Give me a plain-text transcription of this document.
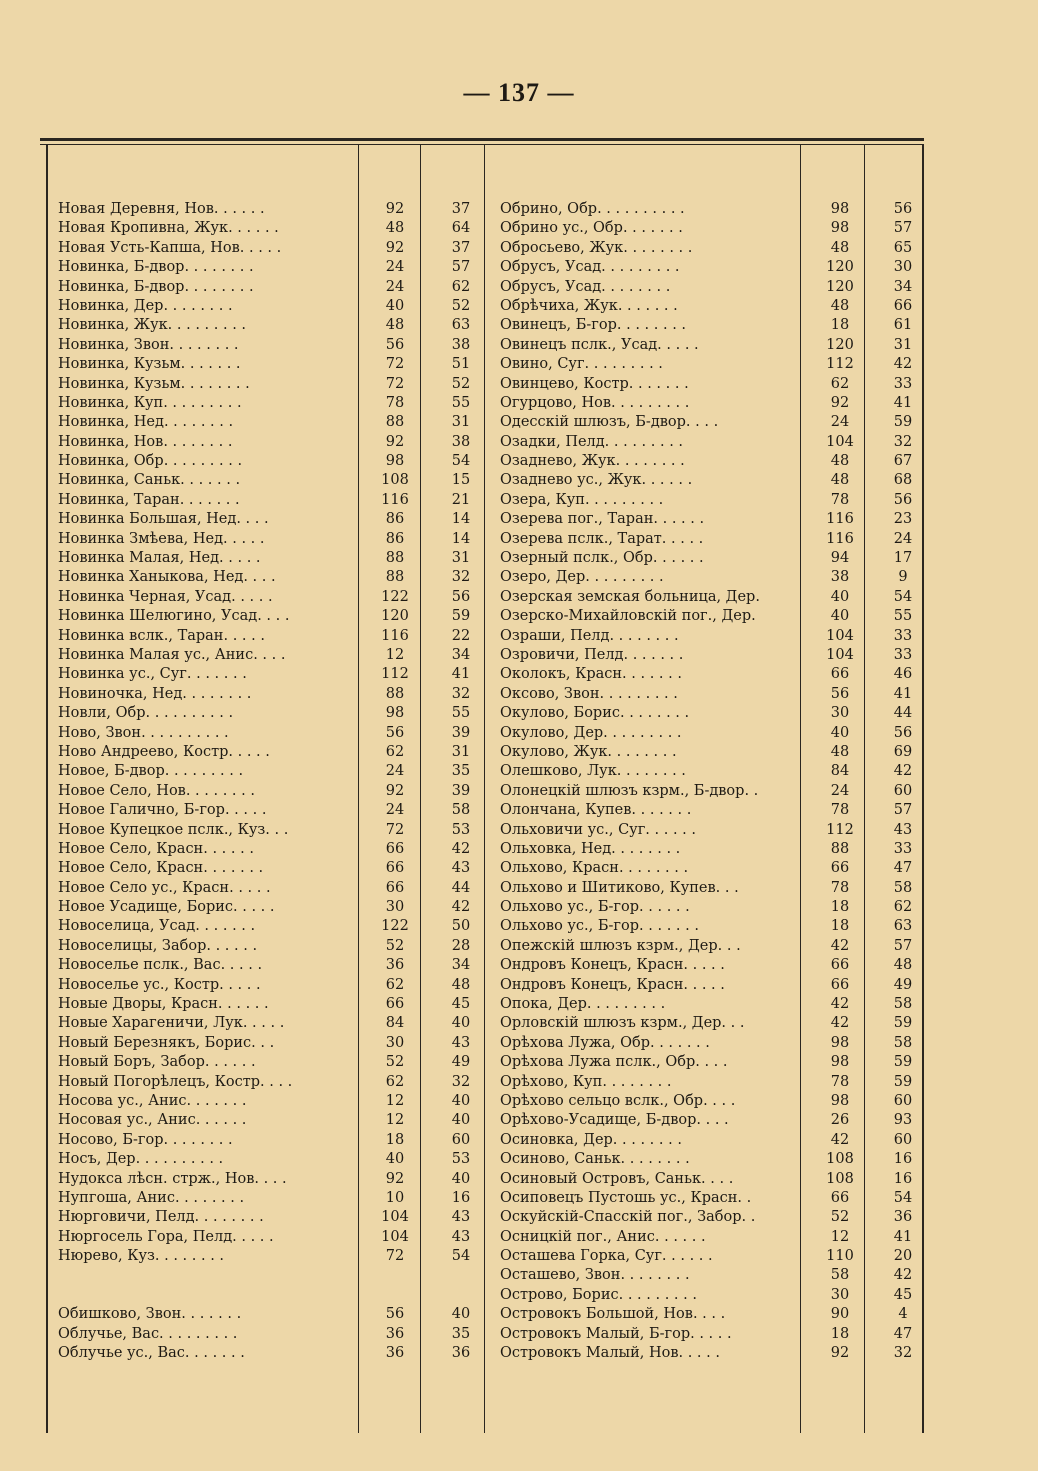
— 137 —
Новая Деревня, Нов. . . . . .	92	37
Новая Кропивна, Жук. . . . . .	48	64
Новая Усть-Капша, Нов. . . . .	92	37
Новинка, Б-двор. . . . . . . .	24	57
Новинка, Б-двор. . . . . . . .	24	62
Новинка, Дер. . . . . . . .	40	52
Новинка, Жук. . . . . . . . .	48	63
Новинка, Звон. . . . . . . .	56	38
Новинка, Кузьм. . . . . . .	72	51
Новинка, Кузьм. . . . . . . .	72	52
Новинка, Куп. . . . . . . . .	78	55
Новинка, Нед. . . . . . . .	88	31
Новинка, Нов. . . . . . . .	92	38
Новинка, Обр. . . . . . . . .	98	54
Новинка, Саньк. . . . . . .	108	15
Новинка, Таран. . . . . . .	116	21
Новинка Большая, Нед. . . .	86	14
Новинка Змѣева, Нед. . . . .	86	14
Новинка Малая, Нед. . . . .	88	31
Новинка Ханыкова, Нед. . . .	88	32
Новинка Черная, Усад. . . . .	122	56
Новинка Шелюгино, Усад. . . .	120	59
Новинка вслк., Таран. . . . .	116	22
Новинка Малая ус., Анис. . . .	12	34
Новинка ус., Суг. . . . . . .	112	41
Новиночка, Нед. . . . . . . .	88	32
Новли, Обр. . . . . . . . . .	98	55
Ново, Звон. . . . . . . . . .	56	39
Ново Андреево, Костр. . . . .	62	31
Новое, Б-двор. . . . . . . . .	24	35
Новое Село, Нов. . . . . . . .	92	39
Новое Галично, Б-гор. . . . .	24	58
Новое Купецкое пслк., Куз. . .	72	53
Новое Село, Красн. . . . . .	66	42
Новое Село, Красн. . . . . . .	66	43
Новое Село ус., Красн. . . . .	66	44
Новое Усадище, Борис. . . . .	30	42
Новоселица, Усад. . . . . . .	122	50
Новоселицы, Забор. . . . . .	52	28
Новоселье пслк., Вас. . . . .	36	34
Новоселье ус., Костр. . . . .	62	48
Новые Дворы, Красн. . . . . .	66	45
Новые Харагеничи, Лук. . . . .	84	40
Новый Березнякъ, Борис. . .	30	43
Новый Боръ, Забор. . . . . .	52	49
Новый Погорѣлецъ, Костр. . . .	62	32
Носова ус., Анис. . . . . . .	12	40
Носовая ус., Анис. . . . . .	12	40
Носово, Б-гор. . . . . . . .	18	60
Носъ, Дер. . . . . . . . . .	40	53
Нудокса лѣсн. стрж., Нов. . . .	92	40
Нупгоша, Анис. . . . . . . .	10	16
Нюрговичи, Пелд. . . . . . . .	104	43
Нюргосель Гора, Пелд. . . . .	104	43
Нюрево, Куз. . . . . . . .	72	54
Обишково, Звон. . . . . . .	56	40
Облучье, Вас. . . . . . . . .	36	35
Облучье ус., Вас. . . . . . .	36	36
Обрино, Обр. . . . . . . . . .	98	56
Обрино ус., Обр. . . . . . .	98	57
Обросьево, Жук. . . . . . . .	48	65
Обрусъ, Усад. . . . . . . . .	120	30
Обрусъ, Усад. . . . . . . .	120	34
Обрѣчиха, Жук. . . . . . .	48	66
Овинецъ, Б-гор. . . . . . . .	18	61
Овинецъ пслк., Усад. . . . .	120	31
Овино, Суг. . . . . . . . .	112	42
Овинцево, Костр. . . . . . .	62	33
Огурцово, Нов. . . . . . . . .	92	41
Одесскій шлюзъ, Б-двор. . . .	24	59
Озадки, Пелд. . . . . . . . .	104	32
Озаднево, Жук. . . . . . . .	48	67
Озаднево ус., Жук. . . . . .	48	68
Озера, Куп. . . . . . . . .	78	56
Озерева пог., Таран. . . . . .	116	23
Озерева пслк., Тарат. . . . .	116	24
Озерный пслк., Обр. . . . . .	94	17
Озеро, Дер. . . . . . . . .	38	9
Озерская земская больница, Дер.	40	54
Озерско-Михайловскій пог., Дер.	40	55
Озраши, Пелд. . . . . . . .	104	33
Озровичи, Пелд. . . . . . .	104	33
Околокъ, Красн. . . . . . .	66	46
Оксово, Звон. . . . . . . . .	56	41
Окулово, Борис. . . . . . . .	30	44
Окулово, Дер. . . . . . . . .	40	56
Окулово, Жук. . . . . . . .	48	69
Олешково, Лук. . . . . . . .	84	42
Олонецкій шлюзъ кзрм., Б-двор. .	24	60
Олончана, Купев. . . . . . .	78	57
Ольховичи ус., Суг. . . . . .	112	43
Ольховка, Нед. . . . . . . .	88	33
Ольхово, Красн. . . . . . . .	66	47
Ольхово и Шитиково, Купев. . .	78	58
Ольхово ус., Б-гор. . . . . .	18	62
Ольхово ус., Б-гор. . . . . . .	18	63
Опежскій шлюзъ кзрм., Дер. . .	42	57
Ондровъ Конецъ, Красн. . . . .	66	48
Ондровъ Конецъ, Красн. . . . .	66	49
Опока, Дер. . . . . . . . .	42	58
Орловскій шлюзъ кзрм., Дер. . .	42	59
Орѣхова Лужа, Обр. . . . . . .	98	58
Орѣхова Лужа пслк., Обр. . . .	98	59
Орѣхово, Куп. . . . . . . .	78	59
Орѣхово сельцо вслк., Обр. . . .	98	60
Орѣхово-Усадище, Б-двор. . . .	26	93
Осиновка, Дер. . . . . . . .	42	60
Осиново, Саньк. . . . . . . .	108	16
Осиновый Островъ, Саньк. . . .	108	16
Осиповецъ Пустошь ус., Красн. .	66	54
Оскуйскій-Спасскій пог., Забор. .	52	36
Осницкій пог., Анис. . . . . .	12	41
Осташева Горка, Суг. . . . . .	110	20
Осташево, Звон. . . . . . . .	58	42
Острово, Борис. . . . . . . . .	30	45
Островокъ Большой, Нов. . . .	90	4
Островокъ Малый, Б-гор. . . . .	18	47
Островокъ Малый, Нов. . . . .	92	32
